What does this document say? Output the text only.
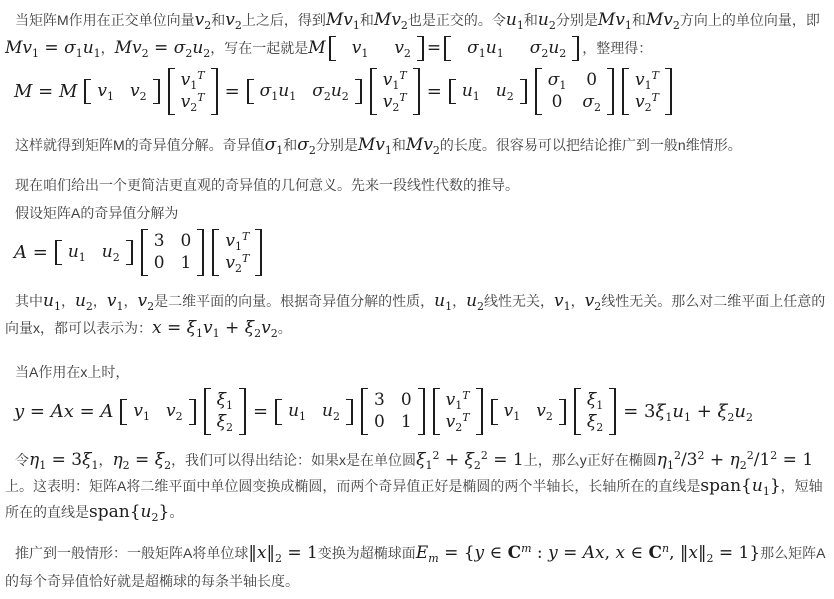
当矩阵M作用在正交单位向量$v_2$和$v_2$上之后，得到$Mv_1$和$Mv_2$也是正交的。令$u_1$和$u_2$分别是$Mv_1$和$Mv_2$方向上的单位向量，即$Mv_1 = \sigma_1u_1$，$Mv_2 = \sigma_2u_2$，写在一起就是M	$v_1$	$v_2$ =	$\sigma_1u_1$	$\sigma_2u_2$ ，整理得：
M = M $v_1$ $v_2$
$v_1^T$
$v_2^T = \sigma_1u_1$ $\sigma_2u_2$
$v_1^T$
$v_2^T = u_1$ $u_2$
$\sigma_1$ 0
0 $\sigma_2$
$v_1^T$
$v_2^T$
这样就得到矩阵M的奇异值分解。奇异值$\sigma_1$和$\sigma_2$分别是$Mv_1$和$Mv_2$的长度。很容易可以把结论推广到一般n维情形。
现在咱们给出一个更简洁更直观的奇异值的几何意义。先来一段线性代数的推导。
假设矩阵A的奇异值分解为
$A = u_1$ $u_2$
3 0
0 1
$v_1^T$
$v_2^T$
其中$u_1$，$u_2$，$v_1$，$v_2$是二维平面的向量。根据奇异值分解的性质，$u_1$，$u_2$线性无关，$v_1$，$v_2$线性无关。那么对二维平面上任意的向量x，都可以表示为：$x = \xi_1v_1 + \xi_2v_2$。
当A作用在x上时，
y = Ax = A $v_1$ $v_2$
$\xi_1$
$\xi_2$
= $u_1$ $u_2$
3 0
0 1
$v_1^T$
$v_2^T$ $v_1$ $v_2$
$\xi_1$
$\xi_2$
= $3\xi_1u_1 + \xi_2u_2$
令$\eta_1 = 3\xi_1$，$\eta_2 = \xi_2$，我们可以得出结论：如果x是在单位圆$\xi_1^2 + \xi_2^2 = 1$上，那么y正好在椭圆$\eta_1^2/3^2 + \eta_2^2/1^2 = 1$上。这表明：矩阵A将二维平面中单位圆变换成椭圆，而两个奇异值正好是椭圆的两个半轴长，长轴所在的直线是$span\{u_1\}$，短轴所在的直线是$span\{u_2\}$。
推广到一般情形：一般矩阵A将单位球$‖x‖_2 = 1$变换为超椭球面$E_m = \{y$ ∈ $C^m$ : y = Ax, x ∈ $C^n$, $‖x‖_2 = 1$}那么矩阵A的每个奇异值恰好就是超椭球的每条半轴长度。
